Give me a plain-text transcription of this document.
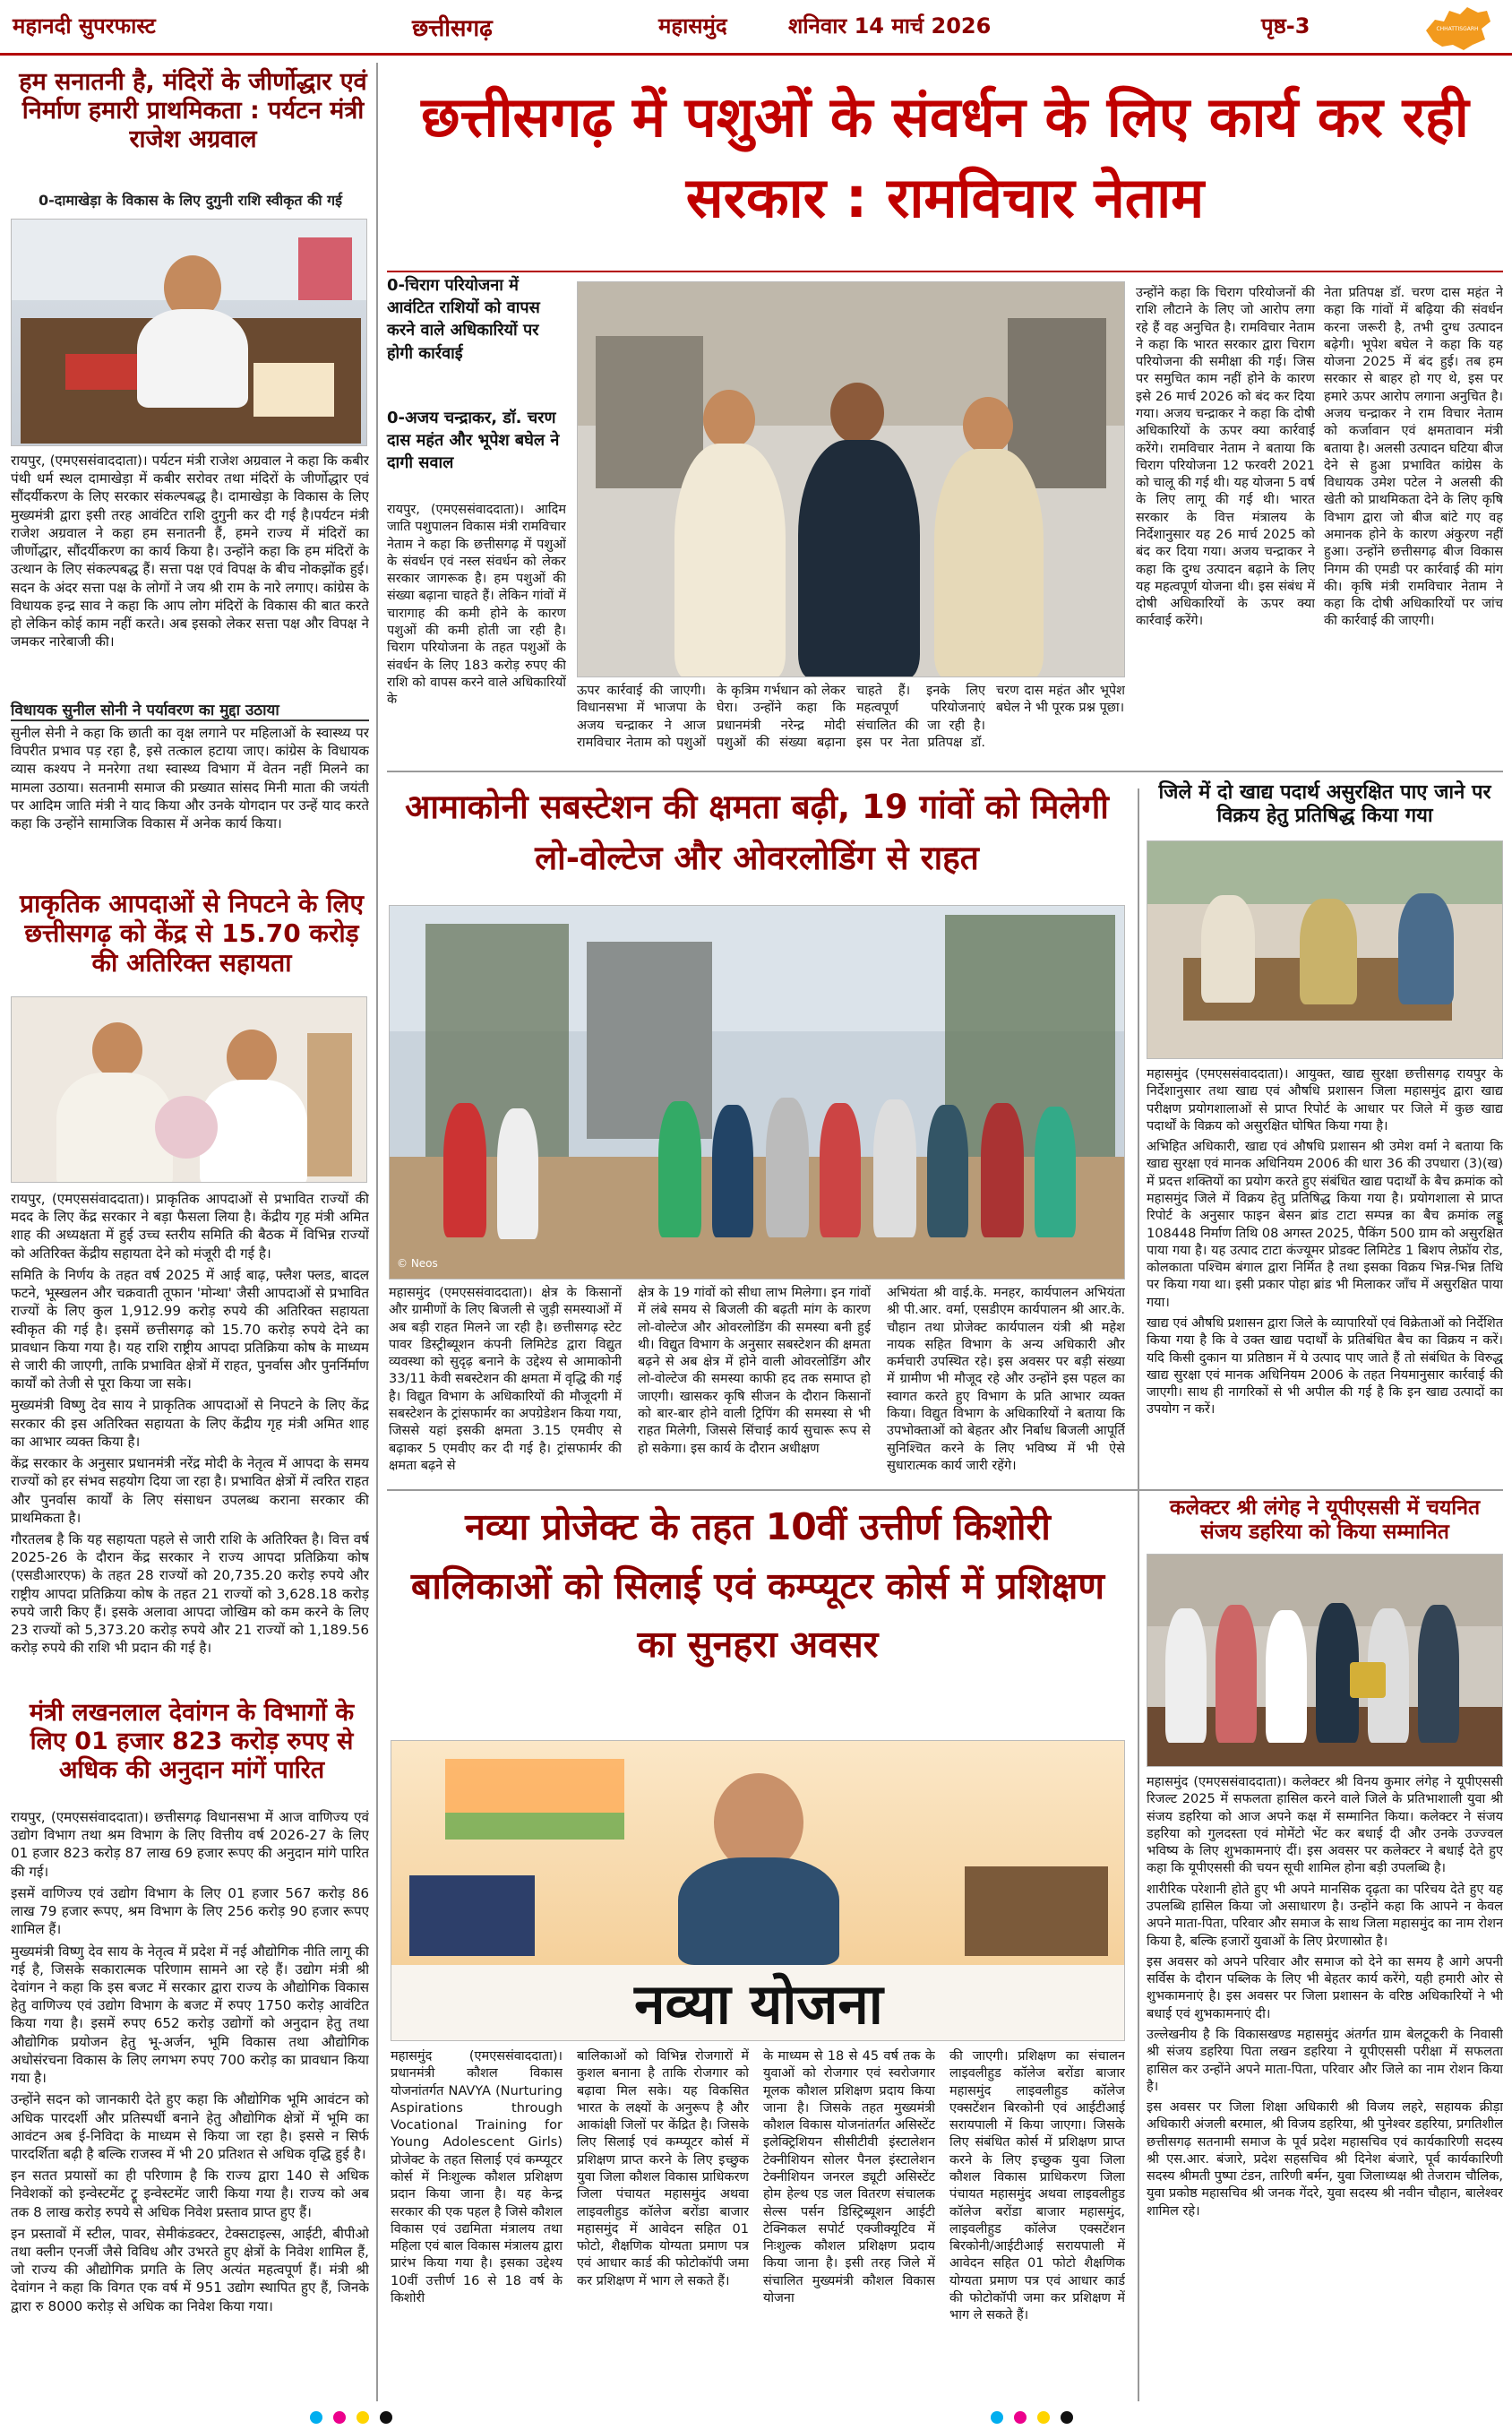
महानदी सुपरफास्ट	छत्तीसगढ़	महासमुंद	शनिवार 14 मार्च 2026	पृष्ठ-3	CHHATTISGARH
हम सनातनी है, मंदिरों के जीर्णोद्धार एवं निर्माण हमारी प्राथमिकता : पर्यटन मंत्री राजेश अग्रवाल
0-दामाखेड़ा के विकास के लिए दुगुनी राशि स्वीकृत की गई
रायपुर, (एमएससंवाददाता)। पर्यटन मंत्री राजेश अग्रवाल ने कहा कि कबीर पंथी धर्म स्थल दामाखेड़ा में कबीर सरोवर तथा मंदिरों के जीर्णोद्धार एवं सौंदर्यीकरण के लिए सरकार संकल्पबद्ध है। दामाखेड़ा के विकास के लिए मुख्यमंत्री द्वारा इसी तरह आवंटित राशि दुगुनी कर दी गई है।पर्यटन मंत्री राजेश अग्रवाल ने कहा हम सनातनी हैं, हमने राज्य में मंदिरों का जीर्णोद्धार, सौंदर्यीकरण का कार्य किया है। उन्होंने कहा कि हम मंदिरों के उत्थान के लिए संकल्पबद्ध हैं। सत्ता पक्ष एवं विपक्ष के बीच नोकझोंक हुई। सदन के अंदर सत्ता पक्ष के लोगों ने जय श्री राम के नारे लगाए। कांग्रेस के विधायक इन्द्र साव ने कहा कि आप लोग मंदिरों के विकास की बात करते हो लेकिन कोई काम नहीं करते। अब इसको लेकर सत्ता पक्ष और विपक्ष ने जमकर नारेबाजी की।
विधायक सुनील सोनी ने पर्यावरण का मुद्दा उठाया
सुनील सेनी ने कहा कि छाती का वृक्ष लगाने पर महिलाओं के स्वास्थ्य पर विपरीत प्रभाव पड़ रहा है, इसे तत्काल हटाया जाए। कांग्रेस के विधायक व्यास कश्यप ने मनरेगा तथा स्वास्थ्य विभाग में वेतन नहीं मिलने का मामला उठाया। सतनामी समाज की प्रख्यात सांसद मिनी माता की जयंती पर आदिम जाति मंत्री ने याद किया और उनके योगदान पर उन्हें याद करते कहा कि उन्होंने सामाजिक विकास में अनेक कार्य किया।
प्राकृतिक आपदाओं से निपटने के लिए छत्तीसगढ़ को केंद्र से 15.70 करोड़ की अतिरिक्त सहायता

रायपुर, (एमएससंवाददाता)। प्राकृतिक आपदाओं से प्रभावित राज्यों की मदद के लिए केंद्र सरकार ने बड़ा फैसला लिया है। केंद्रीय गृह मंत्री अमित शाह की अध्यक्षता में हुई उच्च स्तरीय समिति की बैठक में विभिन्न राज्यों को अतिरिक्त केंद्रीय सहायता देने को मंजूरी दी गई है।

समिति के निर्णय के तहत वर्ष 2025 में आई बाढ़, फ्लैश फ्लड, बादल फटने, भूस्खलन और चक्रवाती तूफान 'मोन्था' जैसी आपदाओं से प्रभावित राज्यों के लिए कुल 1,912.99 करोड़ रुपये की अतिरिक्त सहायता स्वीकृत की गई है। इसमें छत्तीसगढ़ को 15.70 करोड़ रुपये देने का प्रावधान किया गया है। यह राशि राष्ट्रीय आपदा प्रतिक्रिया कोष के माध्यम से जारी की जाएगी, ताकि प्रभावित क्षेत्रों में राहत, पुनर्वास और पुनर्निर्माण कार्यों को तेजी से पूरा किया जा सके।

मुख्यमंत्री विष्णु देव साय ने प्राकृतिक आपदाओं से निपटने के लिए केंद्र सरकार की इस अतिरिक्त सहायता के लिए केंद्रीय गृह मंत्री अमित शाह का आभार व्यक्त किया है।

केंद्र सरकार के अनुसार प्रधानमंत्री नरेंद्र मोदी के नेतृत्व में आपदा के समय राज्यों को हर संभव सहयोग दिया जा रहा है। प्रभावित क्षेत्रों में त्वरित राहत और पुनर्वास कार्यों के लिए संसाधन उपलब्ध कराना सरकार की प्राथमिकता है।

गौरतलब है कि यह सहायता पहले से जारी राशि के अतिरिक्त है। वित्त वर्ष 2025-26 के दौरान केंद्र सरकार ने राज्य आपदा प्रतिक्रिया कोष (एसडीआरएफ) के तहत 28 राज्यों को 20,735.20 करोड़ रुपये और राष्ट्रीय आपदा प्रतिक्रिया कोष के तहत 21 राज्यों को 3,628.18 करोड़ रुपये जारी किए हैं। इसके अलावा आपदा जोखिम को कम करने के लिए 23 राज्यों को 5,373.20 करोड़ रुपये और 21 राज्यों को 1,189.56 करोड़ रुपये की राशि भी प्रदान की गई है।

मंत्री लखनलाल देवांगन के विभागों के लिए 01 हजार 823 करोड़ रुपए से अधिक की अनुदान मांगें पारित

रायपुर, (एमएससंवाददाता)। छत्तीसगढ़ विधानसभा में आज वाणिज्य एवं उद्योग विभाग तथा श्रम विभाग के लिए वित्तीय वर्ष 2026-27 के लिए 01 हजार 823 करोड़ 87 लाख 69 हजार रूपए की अनुदान मांगे पारित की गई।

इसमें वाणिज्य एवं उद्योग विभाग के लिए 01 हजार 567 करोड़ 86 लाख 79 हजार रूपए, श्रम विभाग के लिए 256 करोड़ 90 हजार रूपए शामिल हैं।

मुख्यमंत्री विष्णु देव साय के नेतृत्व में प्रदेश में नई औद्योगिक नीति लागू की गई है, जिसके सकारात्मक परिणाम सामने आ रहे हैं। उद्योग मंत्री श्री देवांगन ने कहा कि इस बजट में सरकार द्वारा राज्य के औद्योगिक विकास हेतु वाणिज्य एवं उद्योग विभाग के बजट में रुपए 1750 करोड़ आवंटित किया गया है। इसमें रुपए 652 करोड़ उद्योगों को अनुदान हेतु तथा औद्योगिक प्रयोजन हेतु भू-अर्जन, भूमि विकास तथा औद्योगिक अधोसंरचना विकास के लिए लगभग रुपए 700 करोड़ का प्रावधान किया गया है।

उन्होंने सदन को जानकारी देते हुए कहा कि औद्योगिक भूमि आवंटन को अधिक पारदर्शी और प्रतिस्पर्धी बनाने हेतु औद्योगिक क्षेत्रों में भूमि का आवंटन अब ई-निविदा के माध्यम से किया जा रहा है। इससे न सिर्फ पारदर्शिता बढ़ी है बल्कि राजस्व में भी 20 प्रतिशत से अधिक वृद्धि हुई है।

इन सतत प्रयासों का ही परिणाम है कि राज्य द्वारा 140 से अधिक निवेशकों को इन्वेस्टमेंट ट्रू इन्वेस्टमेंट जारी किया गया है। राज्य को अब तक 8 लाख करोड़ रुपये से अधिक निवेश प्रस्ताव प्राप्त हुए हैं।

इन प्रस्तावों में स्टील, पावर, सेमीकंडक्टर, टेक्सटाइल्स, आईटी, बीपीओ तथा क्लीन एनर्जी जैसे विविध और उभरते हुए क्षेत्रों के निवेश शामिल हैं, जो राज्य की औद्योगिक प्रगति के लिए अत्यंत महत्वपूर्ण हैं। मंत्री श्री देवांगन ने कहा कि विगत एक वर्ष में 951 उद्योग स्थापित हुए हैं, जिनके द्वारा रु 8000 करोड़ से अधिक का निवेश किया गया।

छत्तीसगढ़ में पशुओं के संवर्धन के लिए कार्य कर रही सरकार : रामविचार नेताम
0-चिराग परियोजना में आवंटित राशियों को वापस करने वाले अधिकारियों पर होगी कार्रवाई
0-अजय चन्द्राकर, डॉ. चरण दास महंत और भूपेश बघेल ने दागी सवाल
रायपुर, (एमएससंवाददाता)। आदिम जाति पशुपालन विकास मंत्री रामविचार नेताम ने कहा कि छत्तीसगढ़ में पशुओं के संवर्धन एवं नस्ल संवर्धन को लेकर सरकार जागरूक है। हम पशुओं की संख्या बढ़ाना चाहते हैं। लेकिन गांवों में चारागाह की कमी होने के कारण पशुओं की कमी होती जा रही है। चिराग परियोजना के तहत पशुओं के संवर्धन के लिए 183 करोड़ रुपए की राशि को वापस करने वाले अधिकारियों के
ऊपर कार्रवाई की जाएगी। विधानसभा में भाजपा के अजय चन्द्राकर ने आज रामविचार नेताम को पशुओं के कृत्रिम गर्भधान को लेकर घेरा। उन्होंने कहा कि प्रधानमंत्री नरेन्द्र मोदी पशुओं की संख्या बढ़ाना चाहते हैं। इनके लिए महत्वपूर्ण परियोजनाएं संचालित की जा रही है। इस पर नेता प्रतिपक्ष डॉ. चरण दास महंत और भूपेश बघेल ने भी पूरक प्रश्न पूछा।
उन्होंने कहा कि चिराग परियोजनों की राशि लौटाने के लिए जो आरोप लगा रहे हैं वह अनुचित है। रामविचार नेताम ने कहा कि भारत सरकार द्वारा चिराग परियोजना की समीक्षा की गई। जिस पर समुचित काम नहीं होने के कारण इसे 26 मार्च 2026 को बंद कर दिया गया। अजय चन्द्राकर ने कहा कि दोषी अधिकारियों के ऊपर क्या कार्रवाई करेंगे। रामविचार नेताम ने बताया कि चिराग परियोजना 12 फरवरी 2021 को चालू की गई थी। यह योजना 5 वर्ष के लिए लागू की गई थी। भारत सरकार के वित्त मंत्रालय के निर्देशानुसार यह 26 मार्च 2025 को बंद कर दिया गया। अजय चन्द्राकर ने कहा कि दुग्ध उत्पादन बढ़ाने के लिए यह महत्वपूर्ण योजना थी। इस संबंध में दोषी अधिकारियों के ऊपर क्या कार्रवाई करेंगे।
नेता प्रतिपक्ष डॉ. चरण दास महंत ने कहा कि गांवों में बढ़िया की संवर्धन करना जरूरी है, तभी दुग्ध उत्पादन बढ़ेगी। भूपेश बघेल ने कहा कि यह योजना 2025 में बंद हुई। तब हम सरकार से बाहर हो गए थे, इस पर हमारे ऊपर आरोप लगाना अनुचित है। अजय चन्द्राकर ने राम विचार नेताम को कर्जावान एवं क्षमतावान मंत्री बताया है। अलसी उत्पादन घटिया बीज देने से हुआ प्रभावित कांग्रेस के विधायक उमेश पटेल ने अलसी की खेती को प्राथमिकता देने के लिए कृषि विभाग द्वारा जो बीज बांटे गए वह अमानक होने के कारण अंकुरण नहीं हुआ। उन्होंने छत्तीसगढ़ बीज विकास निगम की एमडी पर कार्रवाई की मांग की। कृषि मंत्री रामविचार नेताम ने कहा कि दोषी अधिकारियों पर जांच की कार्रवाई की जाएगी।
आमाकोनी सबस्टेशन की क्षमता बढ़ी, 19 गांवों को मिलेगी लो-वोल्टेज और ओवरलोडिंग से राहत
© Neos
महासमुंद (एमएससंवाददाता)। क्षेत्र के किसानों और ग्रामीणों के लिए बिजली से जुड़ी समस्याओं में अब बड़ी राहत मिलने जा रही है। छत्तीसगढ़ स्टेट पावर डिस्ट्रीब्यूशन कंपनी लिमिटेड द्वारा विद्युत व्यवस्था को सुदृढ़ बनाने के उद्देश्य से आमाकोनी 33/11 केवी सबस्टेशन की क्षमता में वृद्धि की गई है। विद्युत विभाग के अधिकारियों की मौजूदगी में सबस्टेशन के ट्रांसफार्मर का अपग्रेडेशन किया गया, जिससे यहां इसकी क्षमता 3.15 एमवीए से बढ़ाकर 5 एमवीए कर दी गई है। ट्रांसफार्मर की क्षमता बढ़ने से
क्षेत्र के 19 गांवों को सीधा लाभ मिलेगा। इन गांवों में लंबे समय से बिजली की बढ़ती मांग के कारण लो-वोल्टेज और ओवरलोडिंग की समस्या बनी हुई थी। विद्युत विभाग के अनुसार सबस्टेशन की क्षमता बढ़ने से अब क्षेत्र में होने वाली ओवरलोडिंग और लो-वोल्टेज की समस्या काफी हद तक समाप्त हो जाएगी। खासकर कृषि सीजन के दौरान किसानों को बार-बार होने वाली ट्रिपिंग की समस्या से भी राहत मिलेगी, जिससे सिंचाई कार्य सुचारू रूप से हो सकेगा। इस कार्य के दौरान अधीक्षण
अभियंता श्री वाई.के. मनहर, कार्यपालन अभियंता श्री पी.आर. वर्मा, एसडीएम कार्यपालन श्री आर.के. चौहान तथा प्रोजेक्ट कार्यपालन यंत्री श्री महेश नायक सहित विभाग के अन्य अधिकारी और कर्मचारी उपस्थित रहे। इस अवसर पर बड़ी संख्या में ग्रामीण भी मौजूद रहे और उन्होंने इस पहल का स्वागत करते हुए विभाग के प्रति आभार व्यक्त किया। विद्युत विभाग के अधिकारियों ने बताया कि उपभोक्ताओं को बेहतर और निर्बाध बिजली आपूर्ति सुनिश्चित करने के लिए भविष्य में भी ऐसे सुधारात्मक कार्य जारी रहेंगे।
जिले में दो खाद्य पदार्थ असुरक्षित पाए जाने पर विक्रय हेतु प्रतिषिद्ध किया गया

महासमुंद (एमएससंवाददाता)। आयुक्त, खाद्य सुरक्षा छत्तीसगढ़ रायपुर के निर्देशानुसार तथा खाद्य एवं औषधि प्रशासन जिला महासमुंद द्वारा खाद्य परीक्षण प्रयोगशालाओं से प्राप्त रिपोर्ट के आधार पर जिले में कुछ खाद्य पदार्थों के विक्रय को असुरक्षित घोषित किया गया है।

अभिहित अधिकारी, खाद्य एवं औषधि प्रशासन श्री उमेश वर्मा ने बताया कि खाद्य सुरक्षा एवं मानक अधिनियम 2006 की धारा 36 की उपधारा (3)(ख) में प्रदत्त शक्तियों का प्रयोग करते हुए संबंधित खाद्य पदार्थों के बैच क्रमांक को महासमुंद जिले में विक्रय हेतु प्रतिषिद्ध किया गया है। प्रयोगशाला से प्राप्त रिपोर्ट के अनुसार फाइन बेसन ब्रांड टाटा सम्पन्न का बैच क्रमांक लड्डू 108448 निर्माण तिथि 08 अगस्त 2025, पैकिंग 500 ग्राम को असुरक्षित पाया गया है। यह उत्पाद टाटा कंज्यूमर प्रोडक्ट लिमिटेड 1 बिशप लेफ्रॉय रोड, कोलकाता पश्चिम बंगाल द्वारा निर्मित है तथा इसका विक्रय भिन्न-भिन्न तिथि पर किया गया था। इसी प्रकार पोहा ब्रांड भी मिलाकर जाँच में असुरक्षित पाया गया।

खाद्य एवं औषधि प्रशासन द्वारा जिले के व्यापारियों एवं विक्रेताओं को निर्देशित किया गया है कि वे उक्त खाद्य पदार्थों के प्रतिबंधित बैच का विक्रय न करें। यदि किसी दुकान या प्रतिष्ठान में ये उत्पाद पाए जाते हैं तो संबंधित के विरुद्ध खाद्य सुरक्षा एवं मानक अधिनियम 2006 के तहत नियमानुसार कार्रवाई की जाएगी। साथ ही नागरिकों से भी अपील की गई है कि इन खाद्य उत्पादों का उपयोग न करें।

नव्या प्रोजेक्ट के तहत 10वीं उत्तीर्ण किशोरी बालिकाओं को सिलाई एवं कम्प्यूटर कोर्स में प्रशिक्षण का सुनहरा अवसर
नव्या योजना
महासमुंद (एमएससंवाददाता)। प्रधानमंत्री कौशल विकास योजनांतर्गत NAVYA (Nurturing Aspirations through Vocational Training for Young Adolescent Girls) प्रोजेक्ट के तहत सिलाई एवं कम्प्यूटर कोर्स में निःशुल्क कौशल प्रशिक्षण प्रदान किया जाना है। यह केन्द्र सरकार की एक पहल है जिसे कौशल विकास एवं उद्यमिता मंत्रालय तथा महिला एवं बाल विकास मंत्रालय द्वारा प्रारंभ किया गया है। इसका उद्देश्य 10वीं उत्तीर्ण 16 से 18 वर्ष के किशोरी
बालिकाओं को विभिन्न रोजगारों में कुशल बनाना है ताकि रोजगार को बढ़ावा मिल सके। यह विकसित भारत के लक्ष्यों के अनुरूप है और आकांक्षी जिलों पर केंद्रित है। जिसके लिए सिलाई एवं कम्प्यूटर कोर्स में प्रशिक्षण प्राप्त करने के लिए इच्छुक युवा जिला कौशल विकास प्राधिकरण जिला पंचायत महासमुंद अथवा लाइवलीहुड कॉलेज बरोंडा बाजार महासमुंद में आवेदन सहित 01 फोटो, शैक्षणिक योग्यता प्रमाण पत्र एवं आधार कार्ड की फोटोकॉपी जमा कर प्रशिक्षण में भाग ले सकते हैं।
के माध्यम से 18 से 45 वर्ष तक के युवाओं को रोजगार एवं स्वरोजगार मूलक कौशल प्रशिक्षण प्रदाय किया जाना है। जिसके तहत मुख्यमंत्री कौशल विकास योजनांतर्गत असिस्टेंट इलेक्ट्रिशियन सीसीटीवी इंस्टालेशन टेक्नीशियन सोलर पैनल इंस्टालेशन टेक्नीशियन जनरल ड्यूटी असिस्टेंट होम हेल्थ एड जल वितरण संचालक सेल्स पर्सन डिस्ट्रिब्यूशन आईटी टेक्निकल सपोर्ट एक्जीक्यूटिव में निःशुल्क कौशल प्रशिक्षण प्रदाय किया जाना है। इसी तरह जिले में संचालित मुख्यमंत्री कौशल विकास योजना
की जाएगी। प्रशिक्षण का संचालन लाइवलीहुड कॉलेज बरोंडा बाजार महासमुंद लाइवलीहुड कॉलेज एक्सटेंशन बिरकोनी एवं आईटीआई सरायपाली में किया जाएगा। जिसके लिए संबंधित कोर्स में प्रशिक्षण प्राप्त करने के लिए इच्छुक युवा जिला कौशल विकास प्राधिकरण जिला पंचायत महासमुंद अथवा लाइवलीहुड कॉलेज बरोंडा बाजार महासमुंद, लाइवलीहुड कॉलेज एक्सटेंशन बिरकोनी/आईटीआई सरायपाली में आवेदन सहित 01 फोटो शैक्षणिक योग्यता प्रमाण पत्र एवं आधार कार्ड की फोटोकॉपी जमा कर प्रशिक्षण में भाग ले सकते हैं।
कलेक्टर श्री लंगेह ने यूपीएससी में चयनित संजय डहरिया को किया सम्मानित

महासमुंद (एमएससंवाददाता)। कलेक्टर श्री विनय कुमार लंगेह ने यूपीएससी रिजल्ट 2025 में सफलता हासिल करने वाले जिले के प्रतिभाशाली युवा श्री संजय डहरिया को आज अपने कक्ष में सम्मानित किया। कलेक्टर ने संजय डहरिया को गुलदस्ता एवं मोमेंटो भेंट कर बधाई दी और उनके उज्ज्वल भविष्य के लिए शुभकामनाएं दीं। इस अवसर पर कलेक्टर ने बधाई देते हुए कहा कि यूपीएससी की चयन सूची शामिल होना बड़ी उपलब्धि है।

शारीरिक परेशानी होते हुए भी अपने मानसिक दृढ़ता का परिचय देते हुए यह उपलब्धि हासिल किया जो असाधारण है। उन्होंने कहा कि आपने न केवल अपने माता-पिता, परिवार और समाज के साथ जिला महासमुंद का नाम रोशन किया है, बल्कि हजारों युवाओं के लिए प्रेरणास्रोत है।

इस अवसर को अपने परिवार और समाज को देने का समय है आगे अपनी सर्विस के दौरान पब्लिक के लिए भी बेहतर कार्य करेंगे, यही हमारी ओर से शुभकामनाएं है। इस अवसर पर जिला प्रशासन के वरिष्ठ अधिकारियों ने भी बधाई एवं शुभकामनाएं दी।

उल्लेखनीय है कि विकासखण्ड महासमुंद अंतर्गत ग्राम बेलटूकरी के निवासी श्री संजय डहरिया पिता लखन डहरिया ने यूपीएससी परीक्षा में सफलता हासिल कर उन्होंने अपने माता-पिता, परिवार और जिले का नाम रोशन किया है।

इस अवसर पर जिला शिक्षा अधिकारी श्री विजय लहरे, सहायक क्रीड़ा अधिकारी अंजली बरमाल, श्री विजय डहरिया, श्री पुनेश्वर डहरिया, प्रगतिशील छत्तीसगढ़ सतनामी समाज के पूर्व प्रदेश महासचिव एवं कार्यकारिणी सदस्य श्री एस.आर. बंजारे, प्रदेश सहसचिव श्री दिनेश बंजारे, पूर्व कार्यकारिणी सदस्य श्रीमती पुष्पा टंडन, तारिणी बर्मन, युवा जिलाध्यक्ष श्री तेजराम चौलिक, युवा प्रकोष्ठ महासचिव श्री जनक गेंदरे, युवा सदस्य श्री नवीन चौहान, बालेश्वर शामिल रहे।
